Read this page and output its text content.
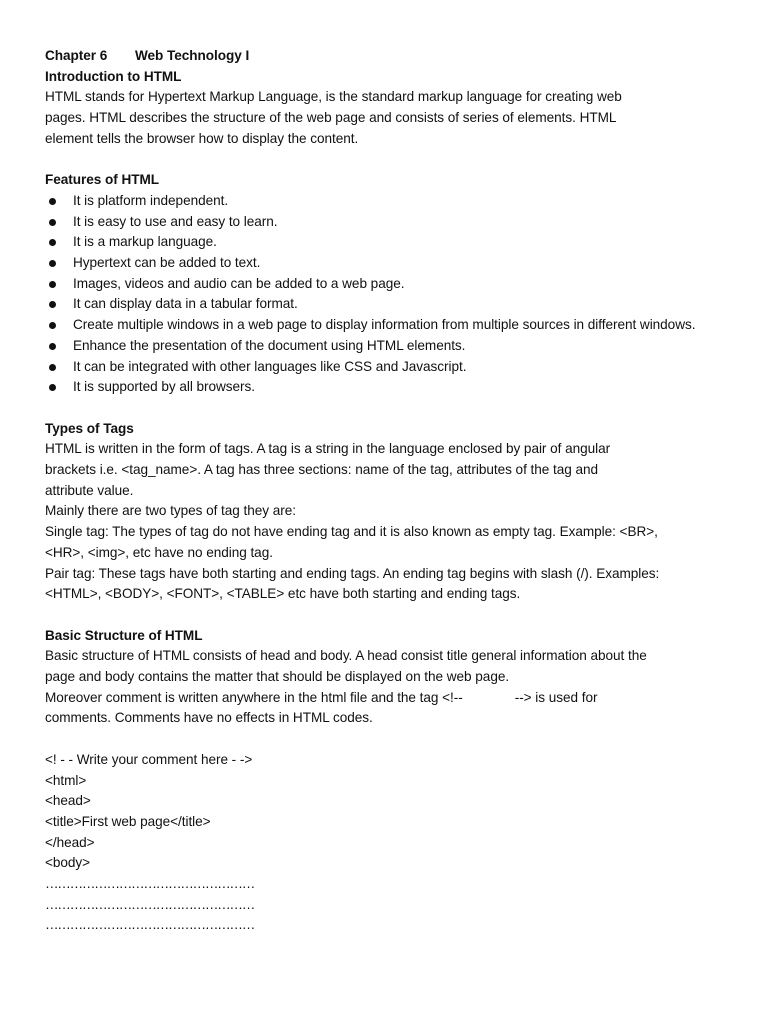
Chapter 6	Web Technology I
Introduction to HTML
HTML stands for Hypertext Markup Language, is the standard markup language for creating web
pages. HTML describes the structure of the web page and consists of series of elements. HTML
element tells the browser how to display the content.
Features of HTML
It is platform independent.
It is easy to use and easy to learn.
It is a markup language.
Hypertext can be added to text.
Images, videos and audio can be added to a web page.
It can display data in a tabular format.
Create multiple windows in a web page to display information from multiple sources in different windows.
Enhance the presentation of the document using HTML elements.
It can be integrated with other languages like CSS and Javascript.
It is supported by all browsers.
Types of Tags
HTML is written in the form of tags. A tag is a string in the language enclosed by pair of angular
brackets i.e. <tag_name>. A tag has three sections: name of the tag, attributes of the tag and
attribute value.
Mainly there are two types of tag they are:
Single tag: The types of tag do not have ending tag and it is also known as empty tag. Example: <BR>,
<HR>, <img>, etc have no ending tag.
Pair tag: These tags have both starting and ending tags. An ending tag begins with slash (/). Examples:
<HTML>, <BODY>, <FONT>, <TABLE> etc have both starting and ending tags.
Basic Structure of HTML
Basic structure of HTML consists of head and body. A head consist title general information about the
page and body contains the matter that should be displayed on the web page.
Moreover comment is written anywhere in the html file and the tag <!--	--> is used for
comments. Comments have no effects in HTML codes.
<! - - Write your comment here - ->
<html>
<head>
<title>First web page</title>
</head>
<body>
……………………………………………
……………………………………………
……………………………………………
